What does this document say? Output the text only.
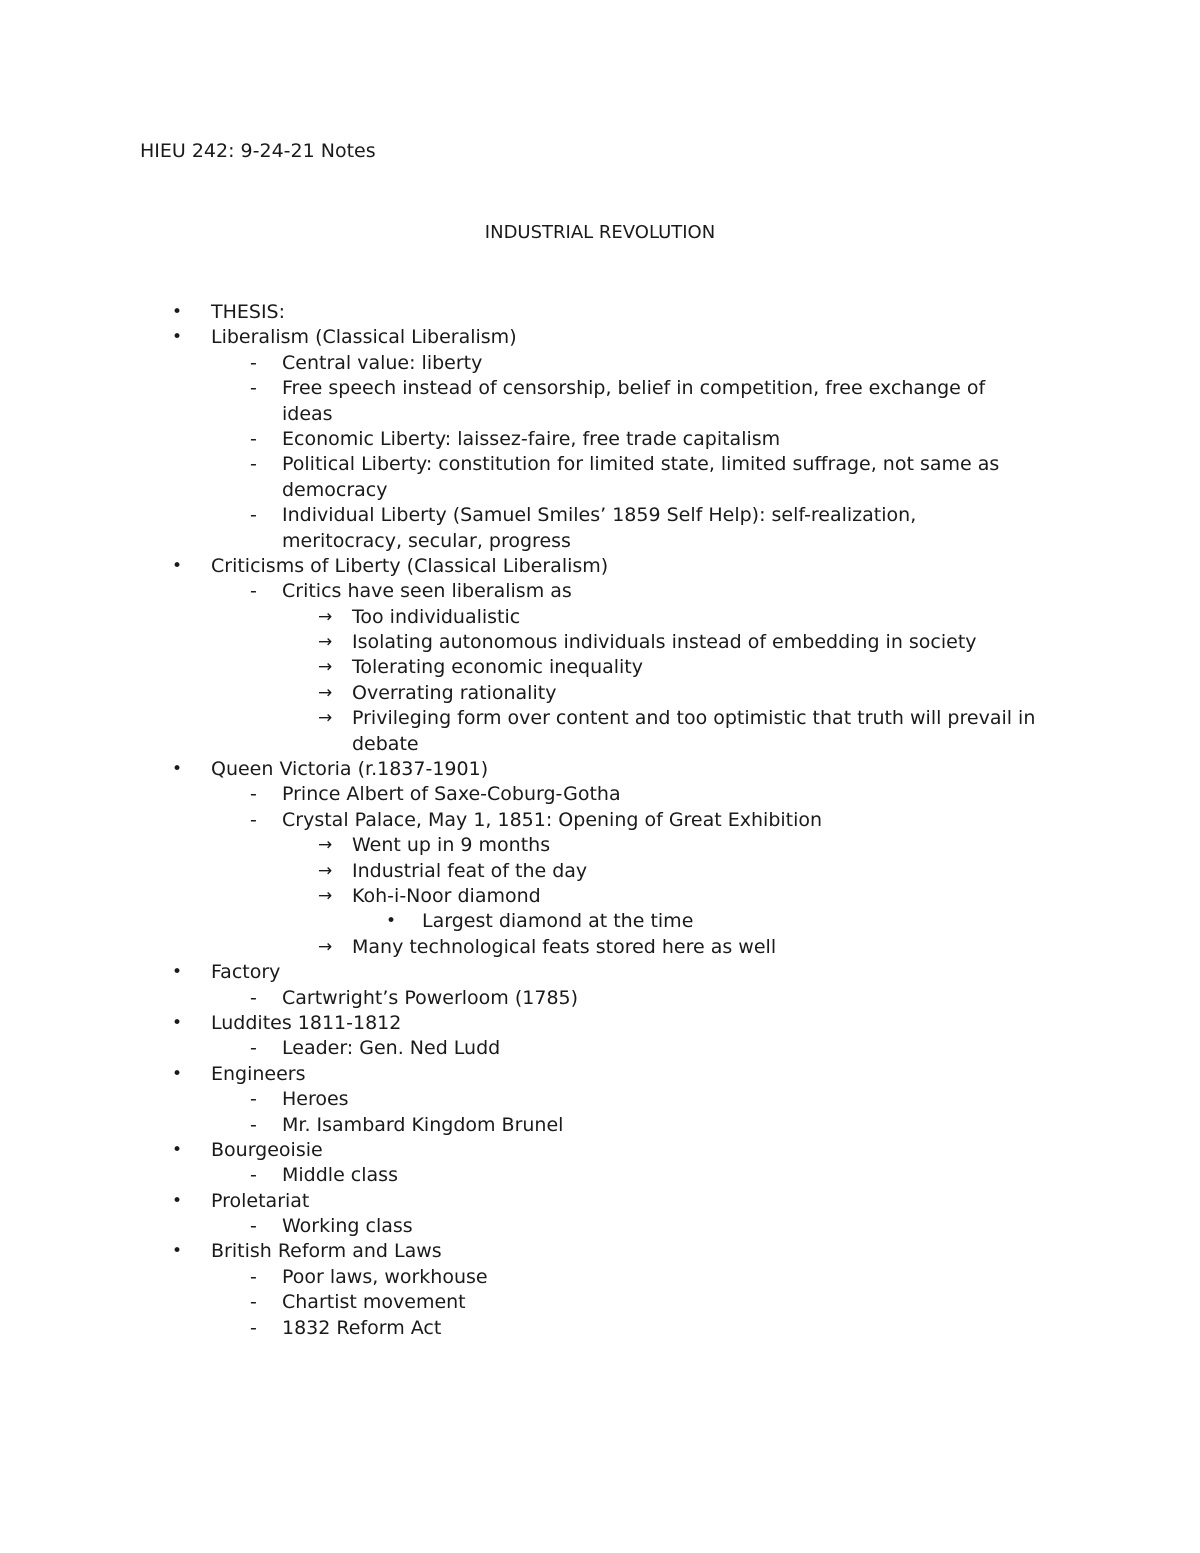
HIEU 242: 9-24-21 Notes
INDUSTRIAL REVOLUTION
• THESIS:
• Liberalism (Classical Liberalism)
- Central value: liberty
- Free speech instead of censorship, belief in competition, free exchange of
ideas
- Economic Liberty: laissez-faire, free trade capitalism
- Political Liberty: constitution for limited state, limited suffrage, not same as
democracy
- Individual Liberty (Samuel Smiles’ 1859 Self Help): self-realization,
meritocracy, secular, progress
• Criticisms of Liberty (Classical Liberalism)
- Critics have seen liberalism as
→ Too individualistic
→ Isolating autonomous individuals instead of embedding in society
→ Tolerating economic inequality
→ Overrating rationality
→ Privileging form over content and too optimistic that truth will prevail in
debate
• Queen Victoria (r.1837-1901)
- Prince Albert of Saxe-Coburg-Gotha
- Crystal Palace, May 1, 1851: Opening of Great Exhibition
→ Went up in 9 months
→ Industrial feat of the day
→ Koh-i-Noor diamond
• Largest diamond at the time
→ Many technological feats stored here as well
• Factory
- Cartwright’s Powerloom (1785)
• Luddites 1811-1812
- Leader: Gen. Ned Ludd
• Engineers
- Heroes
- Mr. Isambard Kingdom Brunel
• Bourgeoisie
- Middle class
• Proletariat
- Working class
• British Reform and Laws
- Poor laws, workhouse
- Chartist movement
- 1832 Reform Act
